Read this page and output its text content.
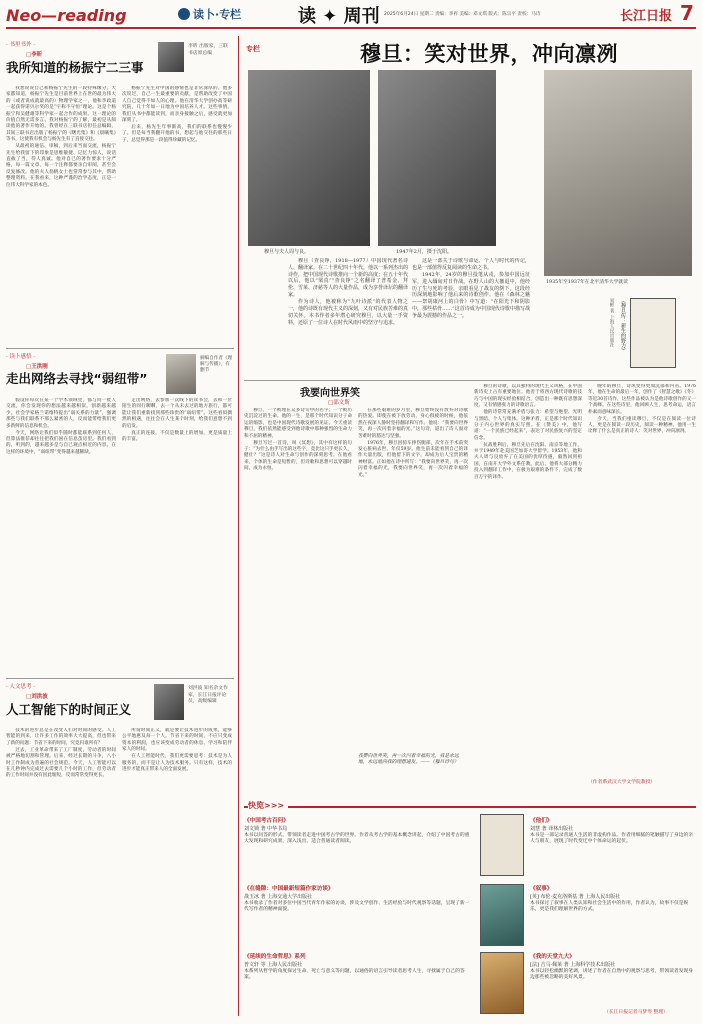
Neo—reading	读卜·专栏	读 ✦ 周刊 2025年6月24日 星期二 责编：李祚 美编：邓文琪 版式：陈宗平 责校：马诗	长江日报 7
· 书里书外 ·
□李昕
我所知道的杨振宁二三事
李昕 出版家，三联书店原总编

我想说说自己和杨振宁先生的一段特殊缘分。大家都知道，杨振宁先生是目前世界上在世的最为伟大的（或者说成就最高的）物理学家之一，他和李政道一起获得诺贝尔奖的是“宇称不守恒”理论。这是个杨振宁和吴健雄等科学家一起合作的成果。这一理论的价值自然无需多言。我对杨振宁的了解，最初是从阅读他的著作开始的。我曾经在三联书店担任总编辑，其间三联书店出版了杨振宁的《曙光集》和《晨曦集》等书，这使我有机会与杨先生有了直接交往。

从最初的通信、审稿，到后来当面交流，杨振宁先生给我留下的印象是思维敏捷、记忆力惊人，说话直截了当，待人真诚。他对自己的著作要求十分严格，每一篇文章、每一个注释都要亲自审阅，甚至会反复修改。他的夫人翁帆女士也常常参与其中，帮助整理资料。在我看来，这种严谨的治学态度，正是一位伟大科学家的本色。

杨振宁先生对中国的感情也是非常深厚的。他多次说过，自己一生最重要的贡献，是帮助改变了中国人自己觉得不如人的心理。他在清华大学创办高等研究院，几十年如一日地为中国培养人才。这些事情，我们从书中都能读到，而亲身接触之后，感受就更加深刻了。

后来，杨先生年事渐高，我们的联系也慢慢少了。但是每当我翻开他的书，想起与他交往的那些日子，总觉得那是一段值得珍藏的记忆。

· 读卜感悟 ·
□王洪刚
走出网络去寻找“弱纽带”
摘编自作者《理解与传播》，有删节

假设你每次在某一个学术领域里，都与同一批人交流，你会发现你的想法越来越相似，创新越来越少。社会学家格兰诺维特提出“弱关系的力量”，强调那些与我们联系不那么紧密的人，反而能带给我们更多新鲜的信息和机会。

今天，网络让我们似乎随时都能联系到任何人，但算法推荐却往往把我们困在信息茧房里。我们看到的、听到的，越来越多是与自己观点相近的内容。在这样的环境中，“弱纽带”变得越来越稀缺。

走出网络，去参加一次线下的读书会，去和一位陌生的同行聊聊，去一个从未去过的地方旅行，都可能让我们重新找到那些珍贵的“弱纽带”。这些看似偶然的相遇，往往会在人生某个时刻，给我们意想不到的启发。

真正的连接，不仅是数量上的增加，更是质量上的丰富。

· 人文思考 ·
□刘洪波
人工智能下的时间正义
刘洪波 知名杂文作家，长江日报评论员，高级编辑

技术的进步总是在改变人们对时间的感受。人工智能的到来，让许多工作的效率大大提高，但也带来了新的问题：节省下来的时间，究竟归谁所有？

过去，工业革命带来了工厂制度，劳动者的时间被严格地切割和管理。后来，经过长期的斗争，八小时工作制成为普遍的社会规范。今天，人工智能可以在几秒钟内完成过去需要几个小时的工作，但劳动者的工作时间并没有因此缩短，反而常常变得更长。

所谓时间正义，就是要让技术进步的成果，能够公平地惠及每一个人。节省下来的时间，不应只变成资本的利润，也应该变成劳动者的休息、学习和陪伴家人的时间。

在人工智能时代，我们更需要思考：技术是为人服务的，而不是让人为技术服务。只有这样，技术的进步才能真正带来人的全面发展。

专栏	穆旦：笑对世界，冲向凛冽
穆旦与夫人周与良。	1947年2月，摄于沈阳。

穆旦（查良铮，1918—1977）中国现代著名诗人、翻译家。在二十世纪四十年代，他以一系列杰出的诗作，把中国现代诗歌推向一个新的高度；在五十年代以后，他以“梁真”“查良铮”之名翻译了普希金、拜伦、雪莱、济慈等人的大量作品，成为享誉译坛的翻译家。

作为诗人，他被称为“九叶诗派”的代表人物之一，他的诗既有现代主义的深刻，又有对民族苦难的真切关怀。本书作者多年潜心研究穆旦，以大量一手资料，还原了一位诗人在时代风雨中的坚守与追求。

这是一部关于诗歌与命运、个人与时代的传记，也是一部值得反复阅读的生命之书。

1942年，24岁的穆旦投笔从戎，参加中国远征军，进入缅甸对日作战。在野人山的大撤退中，他经历了生与死的考验，亲眼看见了战友的倒下。这段经历深刻地影响了他后来的诗歌创作。他在《森林之魅——祭胡康河上的白骨》中写道：“在阳光下和阴影中，那些枯骨……”这首诗成为中国现代诗歌中描写战争最为震撼的作品之一。

1935年至1937年在北平清华大学就读
《穆旦传：新生的野力》
易彬 著 上海人民出版社
我要向世界笑
□邵文斯

穆旦，一个被埋在众多诗句中的名字；一个被历史沉淀过的生命。他的一生，是那个时代知识分子命运的缩影，也是中国现代诗歌发展的见证。今天重读穆旦，我们依然能感受到他诗歌中那种强烈的生命力和不屈的精神。

穆旦写过一首诗，叫《冥想》，其中有这样的句子：“为什么由手写出的这些字，竟比这只手更长久，健壮？”这是诗人对生命与创作的深刻思考。在他看来，个体的生命是短暂的，但诗歌和思想可以穿越时间，成为永恒。

在那些艰难的岁月里，穆旦始终没有放弃对诗歌的热爱。即使在被下放劳动、身心俱疲的时候，他依然在夜深人静时坚持翻译和写作。他说：“我要向世界笑，再一次闪着幸福的光。”这句诗，道出了诗人面对苦难时的豁达与坚强。

1976年，穆旦因骑车摔伤腿部，次年在手术前突发心脏病去世，年仅59岁。他生前未能看到自己的译作大量出版，但他留下的文字，却成为后人宝贵的精神财富。正如他在诗中所写：“我要向世界笑，再一次闪着幸福的光，我要向世界笑，再一次闪着幸福的光。”

我要向世界笑，再一次闪着幸福的光，我是永远地，永远地向我的理想进发。——（穆旦诗句）

穆旦的诗歌，以其独特的现代主义风格，在中国新诗史上占有重要地位。他善于将西方现代诗歌的技巧与中国的现实经验相结合，创造出一种既有思想深度、又有情感张力的诗歌语言。

他的诗常常充满矛盾与张力：希望与绝望、光明与黑暗、个人与集体。这种矛盾，正是那个时代知识分子内心世界的真实写照。在《赞美》中，他写道：“一个民族已经起来”，表达了对民族复兴的坚定信念。

抗战胜利后，穆旦先后在沈阳、南京等地工作，并于1949年赴美国芝加哥大学留学。1953年，他和夫人周与良放弃了在美国的优厚待遇，毅然回到祖国，在南开大学外文系任教。此后，他将大部分精力投入到翻译工作中，在极为艰难的条件下，完成了数百万字的译作。

晚年的穆旦，诗风变得更加沉郁和内省。1976年，他在生命的最后一年，创作了《智慧之歌》《冬》等近30首诗作，这些作品被认为是他诗歌创作的又一个高峰。在这些诗里，他回顾人生，思考命运，语言朴素而意味深长。

今天，当我们重读穆旦，不仅是在阅读一位诗人，更是在阅读一段历史，阅读一种精神。他用一生诠释了什么是真正的诗人：笑对世界，冲向凛冽。

（作者系武汉大学文学院教授）
快览>>>
《中国考古百问》
刘文锁 著 中华书局
本书以问答的形式，带领读者走进中国考古学的世界。作者从考古学的基本概念讲起，介绍了中国考古的重大发现和研究成果，深入浅出，适合普通读者阅读。
《在缝隙：中国最新短篇作家访谈》
战玉冰 著 上海交通大学出版社
本书收录了作者对多位中国当代青年作家的访谈，涉及文学创作、生活经验与时代观察等话题，呈现了新一代写作者的精神面貌。
《延续的生命哲思》系列
普文轩 等 上海人民出版社
本系列从哲学的角度探讨生命、死亡与意义等问题，以通俗的语言引导读者思考人生，寻找属于自己的答案。
《他们》
刘慧 著 译林出版社
本书是一部记录普通人生活的非虚构作品。作者用细腻的笔触描写了身边的亲人与朋友，展现了时代变迁中个体命运的起伏。
《叙事》
[英] 布伦·麦克洛斯基 著 上海人民出版社
本书探讨了叙事在人类认知和社会生活中的作用，作者认为，故事不仅是娱乐，更是我们理解世界的方式。
《我的天堂九大》
[法] 吉马·佩莱 著 上海科学技术出版社
本书以轻松幽默的笔调，讲述了作者在自然中的观察与思考，带领读者发现身边那些被忽略的美好风景。
（长江日报记者马梦琴 整理）
